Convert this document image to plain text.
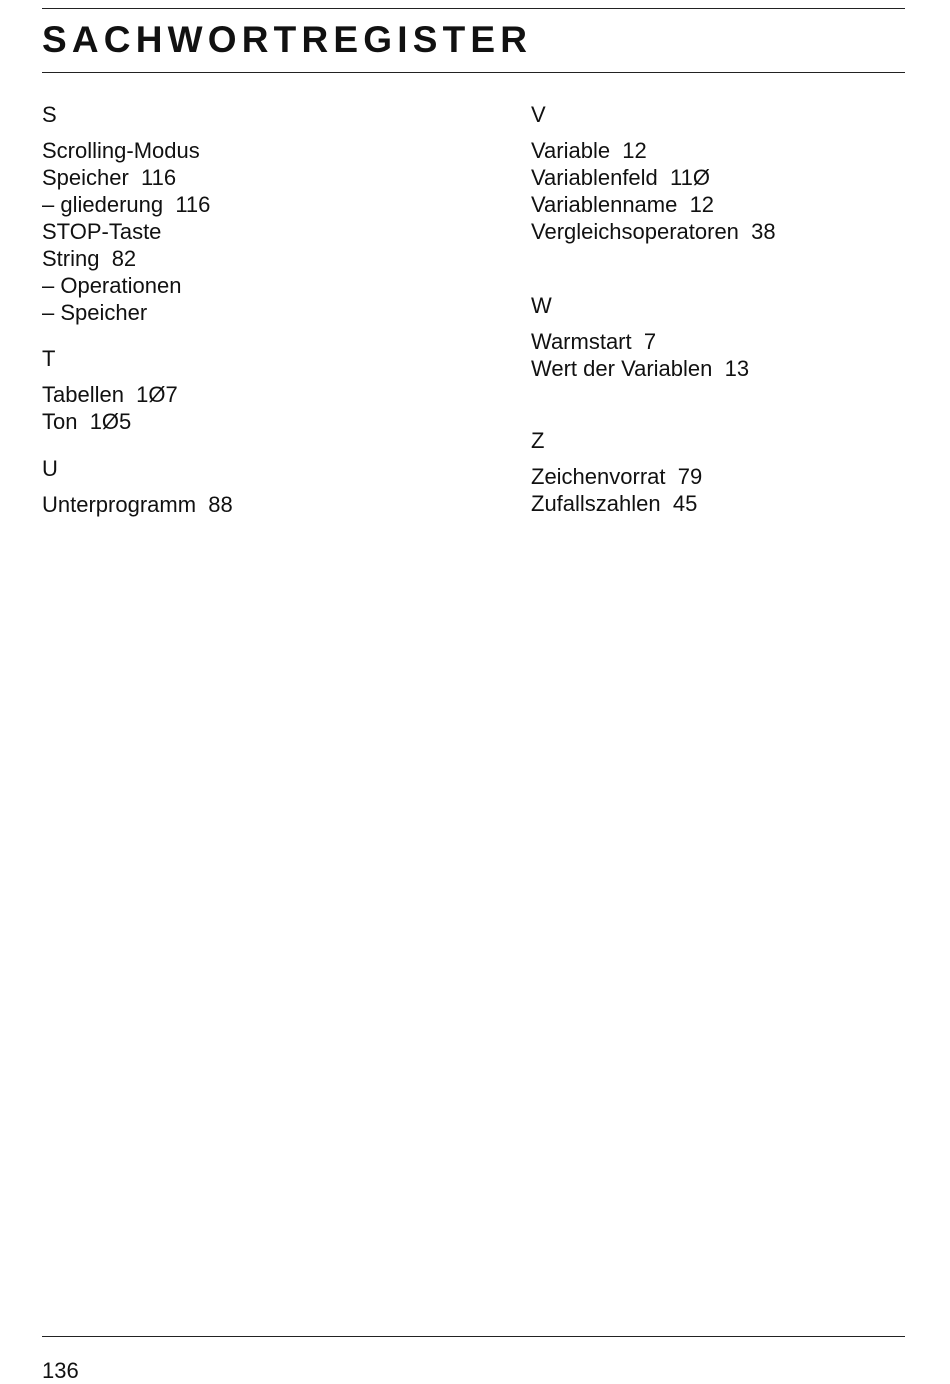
SACHWORTREGISTER
S
Scrolling-Modus
Speicher  116
– gliederung  116
STOP-Taste
String  82
– Operationen
– Speicher
T
Tabellen  1Ø7
Ton  1Ø5
U
Unterprogramm  88
V
Variable  12
Variablenfeld  11Ø
Variablenname  12
Vergleichsoperatoren  38
W
Warmstart  7
Wert der Variablen  13
Z
Zeichenvorrat  79
Zufallszahlen  45
136
